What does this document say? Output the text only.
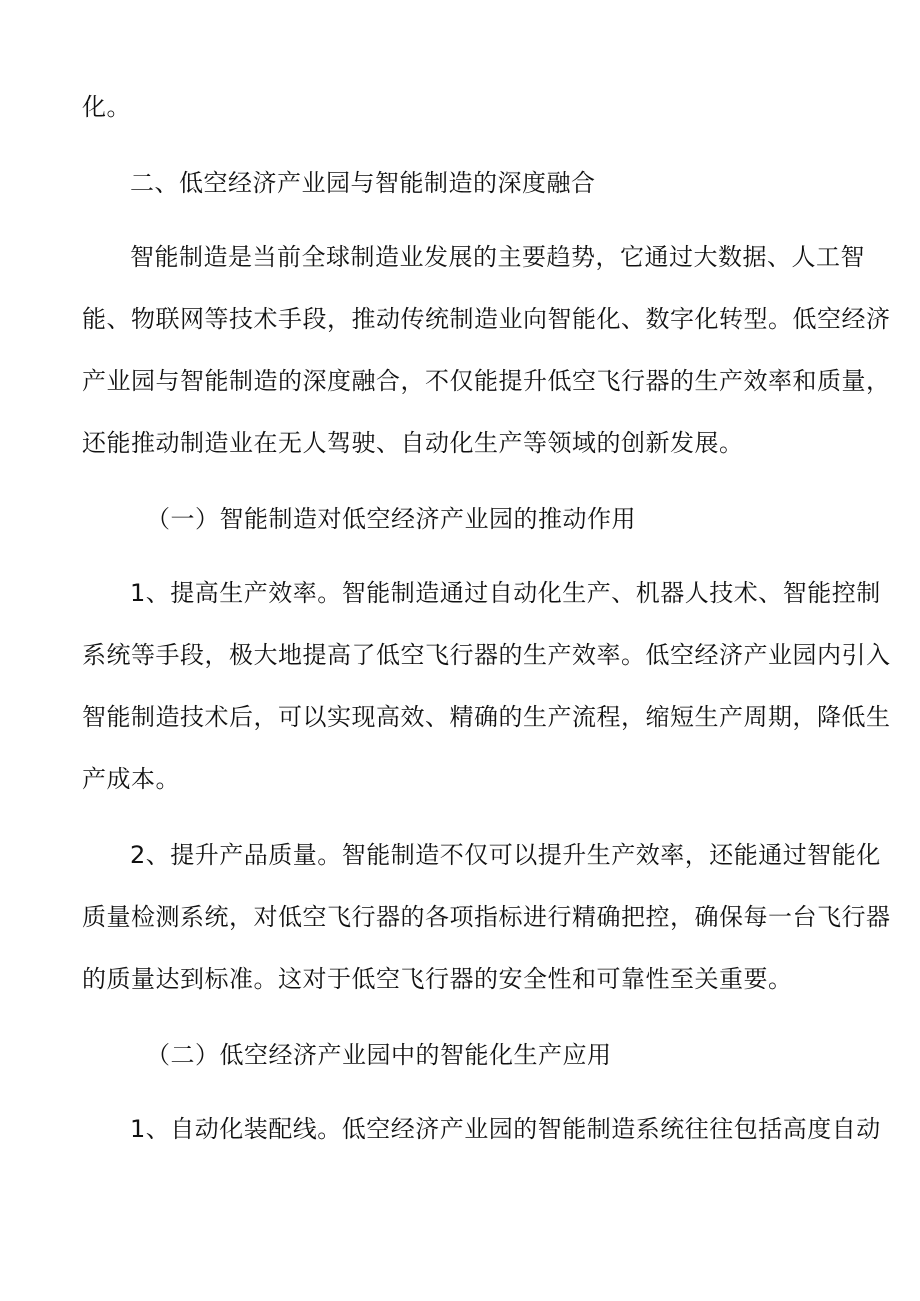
化。
二、低空经济产业园与智能制造的深度融合
智能制造是当前全球制造业发展的主要趋势，它通过大数据、人工智
能、物联网等技术手段，推动传统制造业向智能化、数字化转型。低空经济
产业园与智能制造的深度融合，不仅能提升低空飞行器的生产效率和质量，
还能推动制造业在无人驾驶、自动化生产等领域的创新发展。
（一）智能制造对低空经济产业园的推动作用
1、提高生产效率。智能制造通过自动化生产、机器人技术、智能控制
系统等手段，极大地提高了低空飞行器的生产效率。低空经济产业园内引入
智能制造技术后，可以实现高效、精确的生产流程，缩短生产周期，降低生
产成本。
2、提升产品质量。智能制造不仅可以提升生产效率，还能通过智能化
质量检测系统，对低空飞行器的各项指标进行精确把控，确保每一台飞行器
的质量达到标准。这对于低空飞行器的安全性和可靠性至关重要。
（二）低空经济产业园中的智能化生产应用
1、自动化装配线。低空经济产业园的智能制造系统往往包括高度自动
